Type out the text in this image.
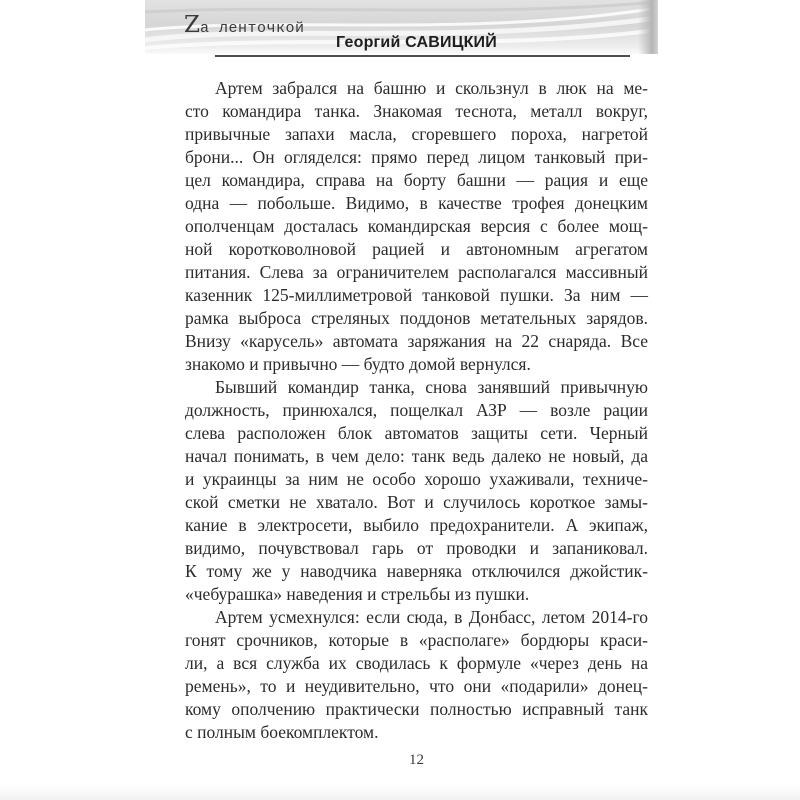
Zа ленточкой
Георгий САВИЦКИЙ
Артем забрался на башню и скользнул в люк на ме-
сто командира танка. Знакомая теснота, металл вокруг,
привычные запахи масла, сгоревшего пороха, нагретой
брони... Он огляделся: прямо перед лицом танковый при-
цел командира, справа на борту башни — рация и еще
одна — побольше. Видимо, в качестве трофея донецким
ополченцам досталась командирская версия с более мощ-
ной коротковолновой рацией и автономным агрегатом
питания. Слева за ограничителем располагался массивный
казенник 125-миллиметровой танковой пушки. За ним —
рамка выброса стреляных поддонов метательных зарядов.
Внизу «карусель» автомата заряжания на 22 снаряда. Все
знакомо и привычно — будто домой вернулся.
Бывший командир танка, снова занявший привычную
должность, принюхался, пощелкал АЗР — возле рации
слева расположен блок автоматов защиты сети. Черный
начал понимать, в чем дело: танк ведь далеко не новый, да
и украинцы за ним не особо хорошо ухаживали, техниче-
ской сметки не хватало. Вот и случилось короткое замы-
кание в электросети, выбило предохранители. А экипаж,
видимо, почувствовал гарь от проводки и запаниковал.
К тому же у наводчика наверняка отключился джойстик-
«чебурашка» наведения и стрельбы из пушки.
Артем усмехнулся: если сюда, в Донбасс, летом 2014-го
гонят срочников, которые в «располаге» бордюры краси-
ли, а вся служба их сводилась к формуле «через день на
ремень», то и неудивительно, что они «подарили» донец-
кому ополчению практически полностью исправный танк
с полным боекомплектом.
12
